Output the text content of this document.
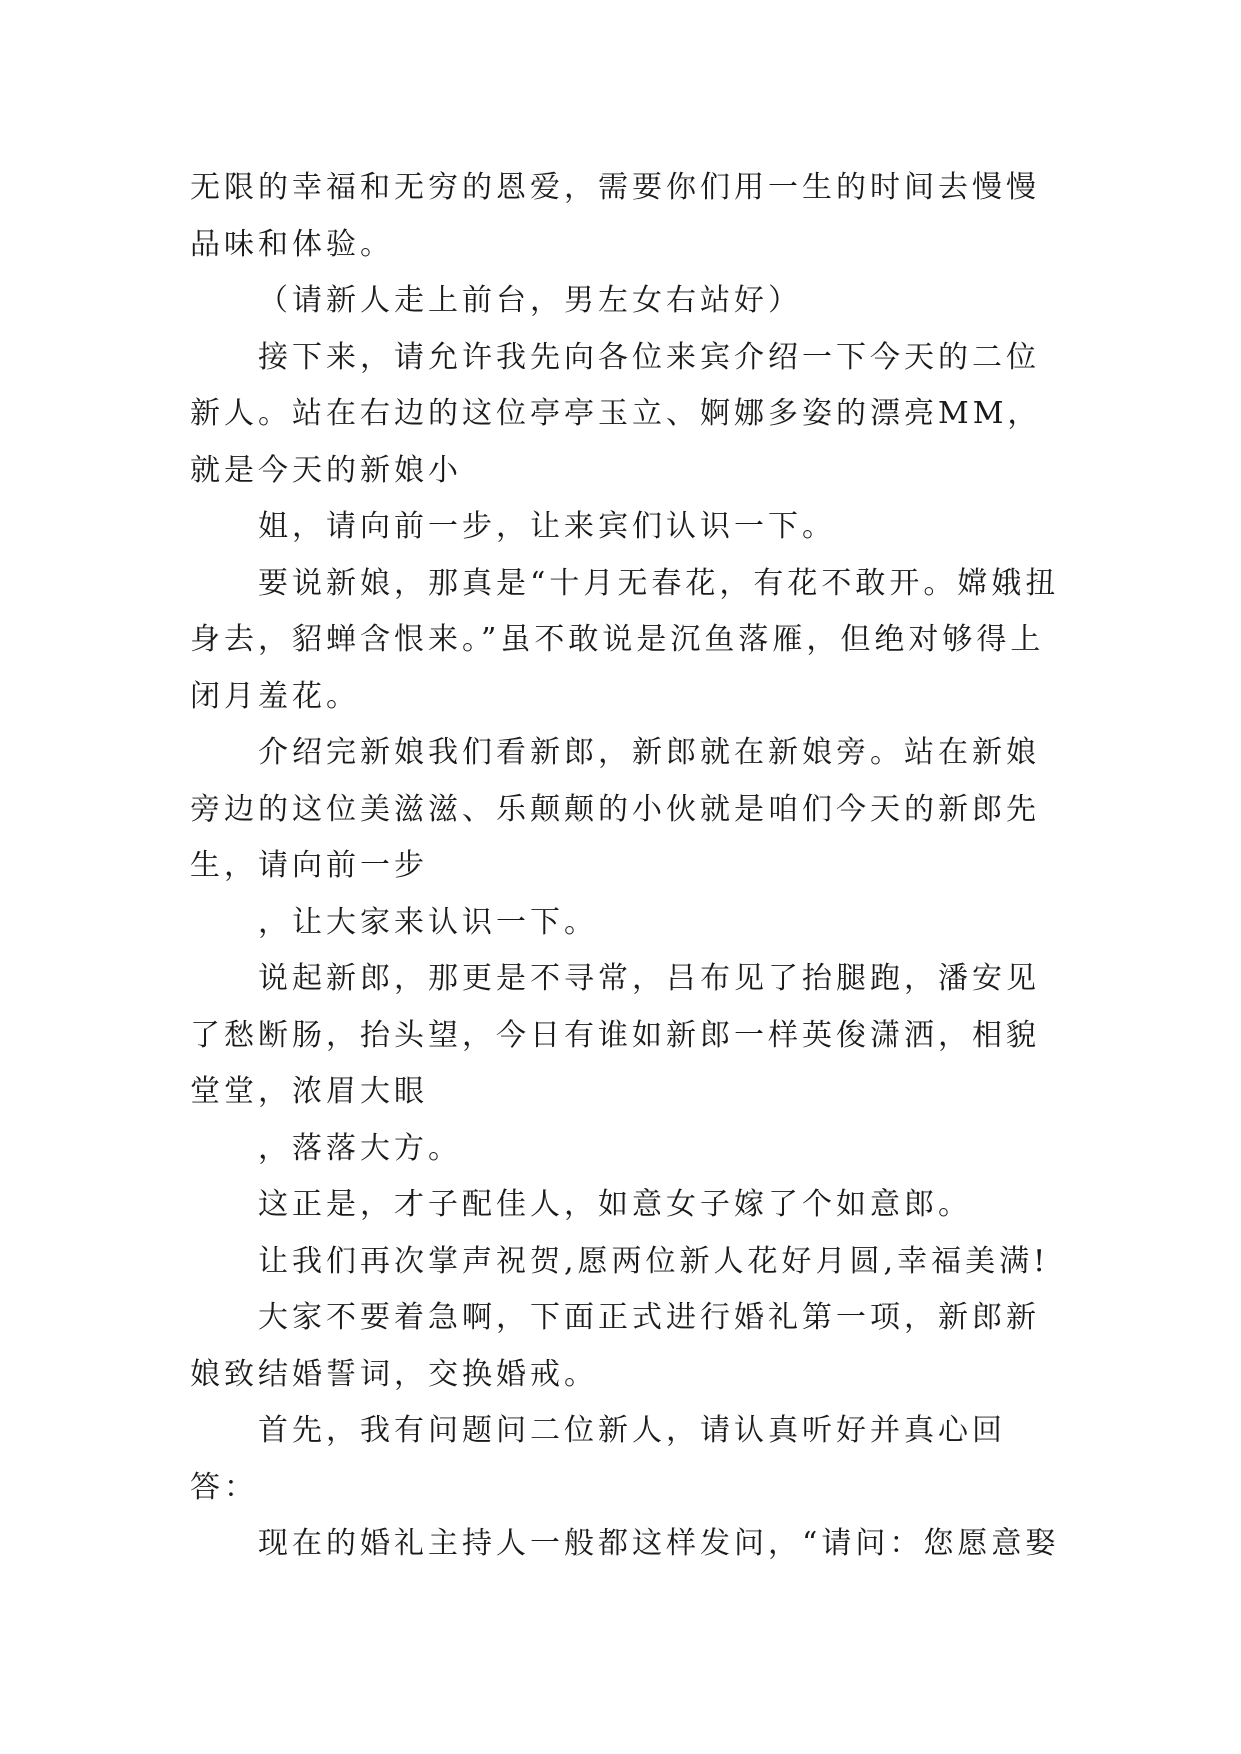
无限的幸福和无穷的恩爱，需要你们用一生的时间去慢慢品味和体验。

（请新人走上前台，男左女右站好）

接下来，请允许我先向各位来宾介绍一下今天的二位新人。站在右边的这位亭亭玉立、婀娜多姿的漂亮MM，就是今天的新娘小

姐，请向前一步，让来宾们认识一下。

要说新娘，那真是“十月无春花，有花不敢开。嫦娥扭身去，貂蝉含恨来。”虽不敢说是沉鱼落雁，但绝对够得上闭月羞花。

介绍完新娘我们看新郎，新郎就在新娘旁。站在新娘旁边的这位美滋滋、乐颠颠的小伙就是咱们今天的新郎先生，请向前一步

，让大家来认识一下。

说起新郎，那更是不寻常，吕布见了抬腿跑，潘安见了愁断肠，抬头望，今日有谁如新郎一样英俊潇洒，相貌堂堂，浓眉大眼

，落落大方。

这正是，才子配佳人，如意女子嫁了个如意郎。

让我们再次掌声祝贺,愿两位新人花好月圆,幸福美满!

大家不要着急啊，下面正式进行婚礼第一项，新郎新娘致结婚誓词，交换婚戒。

首先，我有问题问二位新人，请认真听好并真心回答：

现在的婚礼主持人一般都这样发问，“请问：您愿意娶
